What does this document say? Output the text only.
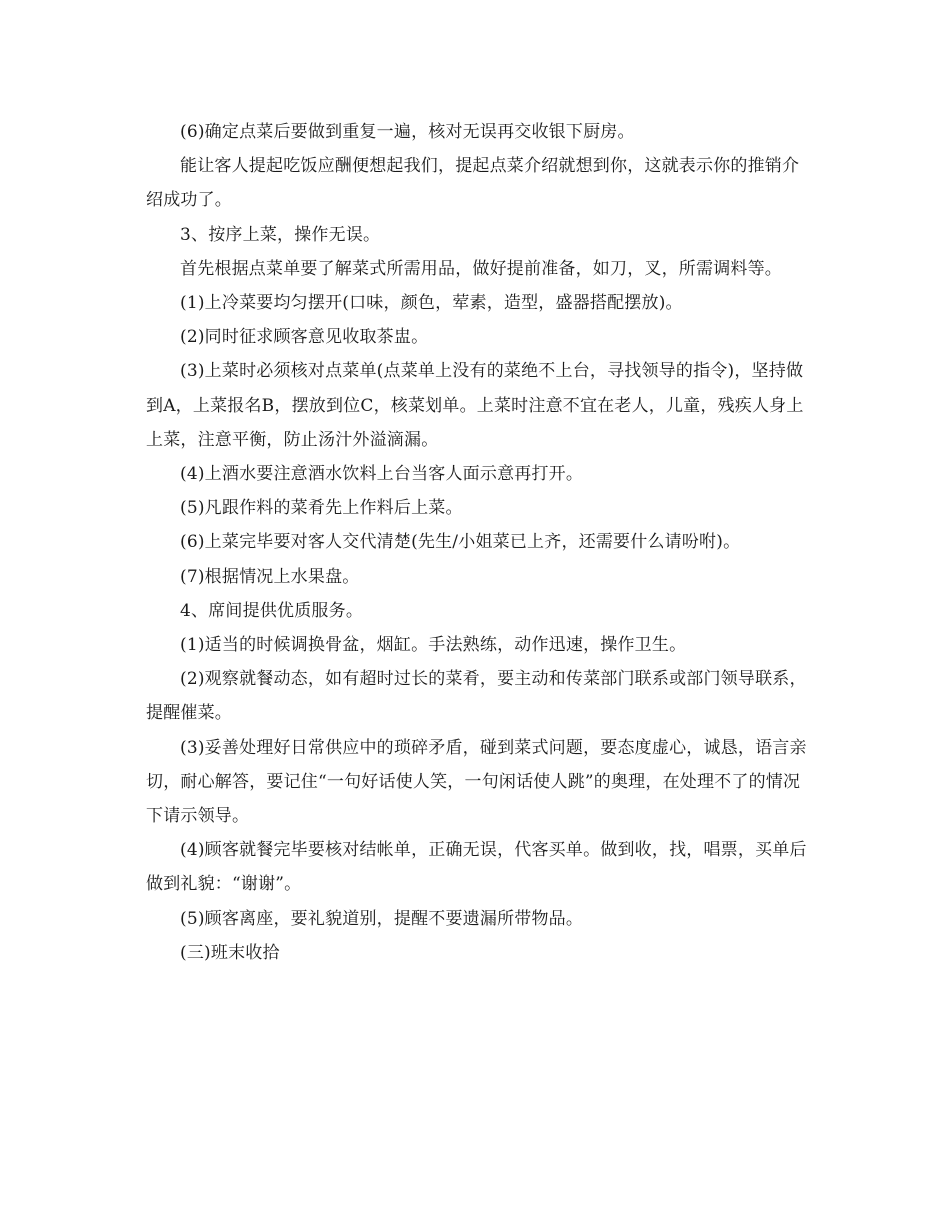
(6)确定点菜后要做到重复一遍，核对无误再交收银下厨房。

能让客人提起吃饭应酬便想起我们，提起点菜介绍就想到你，这就表示你的推销介绍成功了。

3、按序上菜，操作无误。

首先根据点菜单要了解菜式所需用品，做好提前准备，如刀，叉，所需调料等。

(1)上冷菜要均匀摆开(口味，颜色，荤素，造型，盛器搭配摆放)。

(2)同时征求顾客意见收取茶盅。

(3)上菜时必须核对点菜单(点菜单上没有的菜绝不上台，寻找领导的指令)，坚持做到A，上菜报名B，摆放到位C，核菜划单。上菜时注意不宜在老人，儿童，残疾人身上上菜，注意平衡，防止汤汁外溢滴漏。

(4)上酒水要注意酒水饮料上台当客人面示意再打开。

(5)凡跟作料的菜肴先上作料后上菜。

(6)上菜完毕要对客人交代清楚(先生/小姐菜已上齐，还需要什么请吩咐)。

(7)根据情况上水果盘。

4、席间提供优质服务。

(1)适当的时候调换骨盆，烟缸。手法熟练，动作迅速，操作卫生。

(2)观察就餐动态，如有超时过长的菜肴，要主动和传菜部门联系或部门领导联系，提醒催菜。

(3)妥善处理好日常供应中的琐碎矛盾，碰到菜式问题，要态度虚心，诚恳，语言亲切，耐心解答，要记住“一句好话使人笑，一句闲话使人跳”的奥理，在处理不了的情况下请示领导。

(4)顾客就餐完毕要核对结帐单，正确无误，代客买单。做到收，找，唱票，买单后做到礼貌：“谢谢”。

(5)顾客离座，要礼貌道别，提醒不要遗漏所带物品。

(三)班末收拾
